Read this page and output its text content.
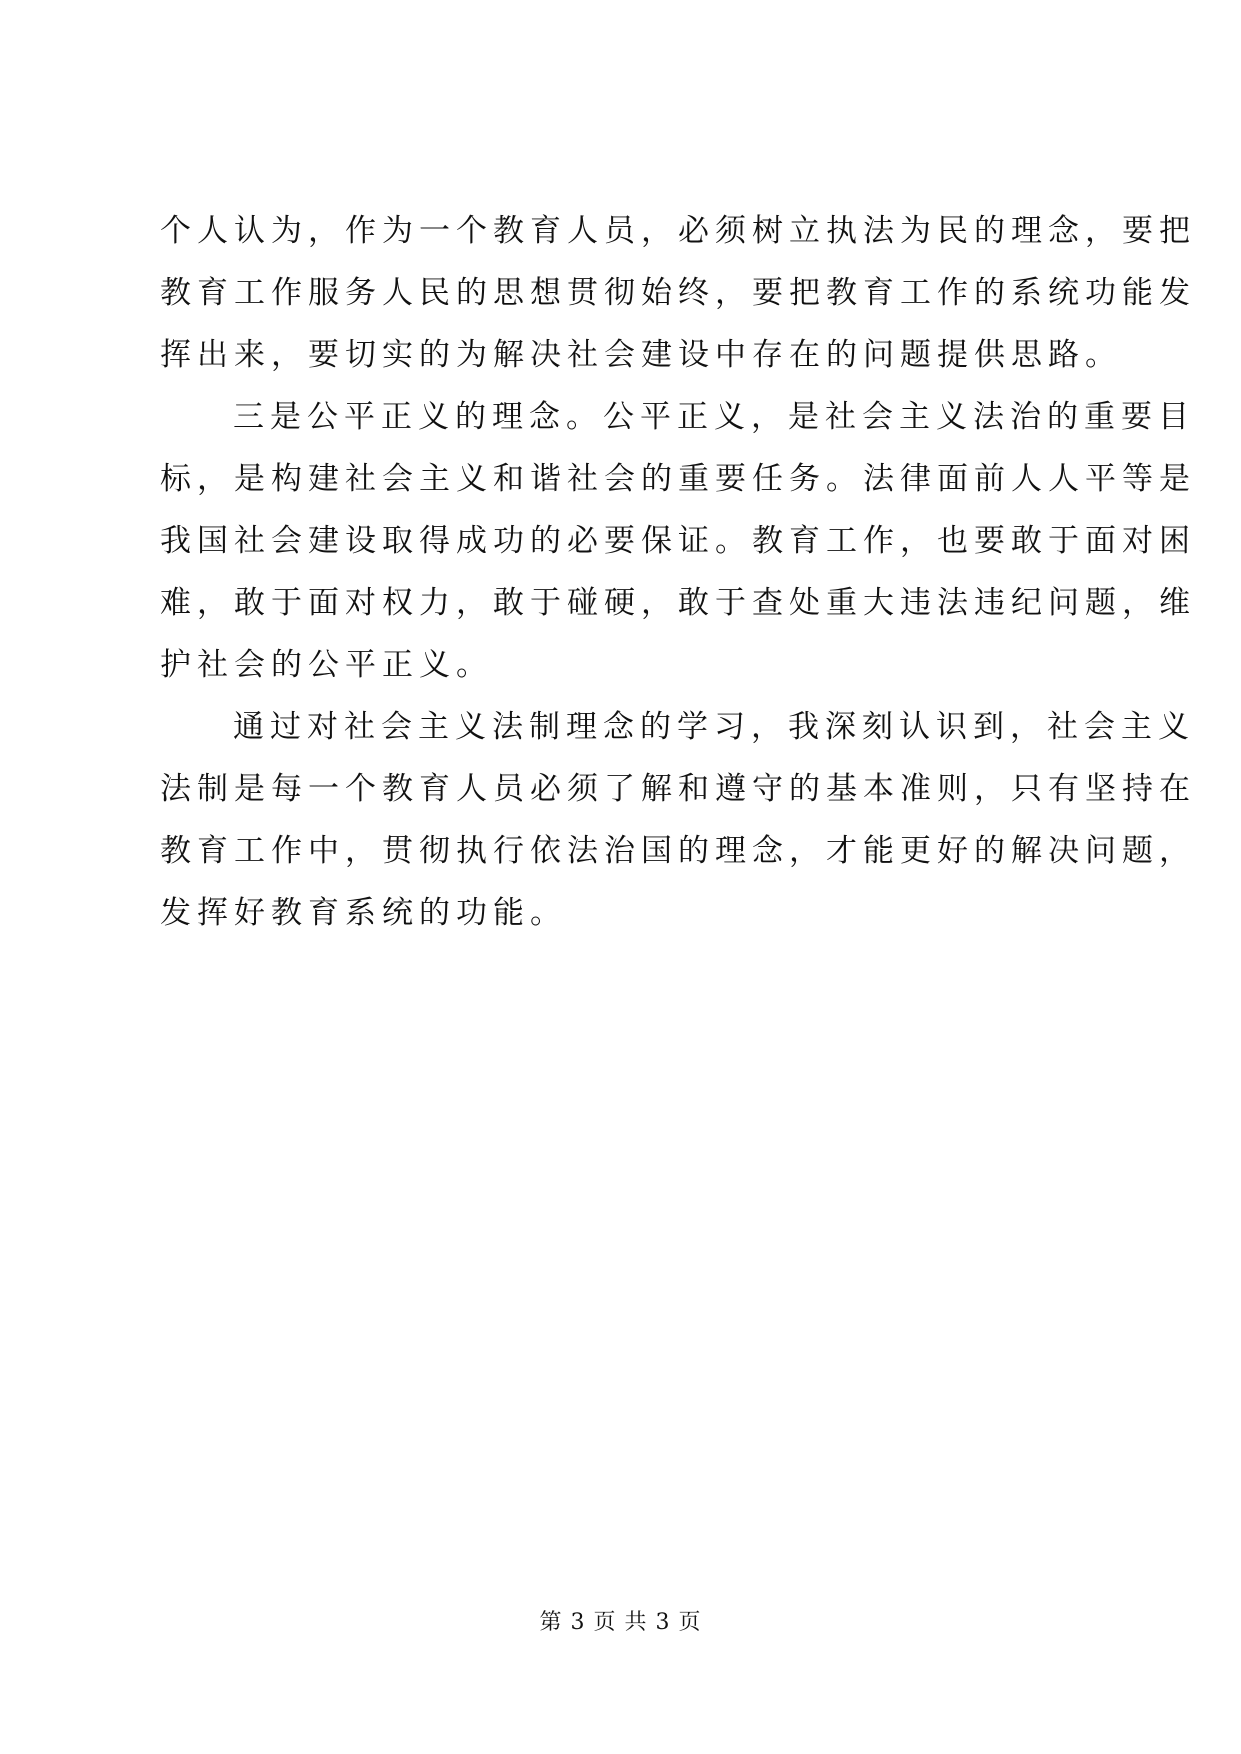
个人认为，作为一个教育人员，必须树立执法为民的理念，要把
教育工作服务人民的思想贯彻始终，要把教育工作的系统功能发
挥出来，要切实的为解决社会建设中存在的问题提供思路。
三是公平正义的理念。公平正义，是社会主义法治的重要目
标，是构建社会主义和谐社会的重要任务。法律面前人人平等是
我国社会建设取得成功的必要保证。教育工作，也要敢于面对困
难，敢于面对权力，敢于碰硬，敢于查处重大违法违纪问题，维
护社会的公平正义。
通过对社会主义法制理念的学习，我深刻认识到，社会主义
法制是每一个教育人员必须了解和遵守的基本准则，只有坚持在
教育工作中，贯彻执行依法治国的理念，才能更好的解决问题，
发挥好教育系统的功能。
第 3 页 共 3 页
